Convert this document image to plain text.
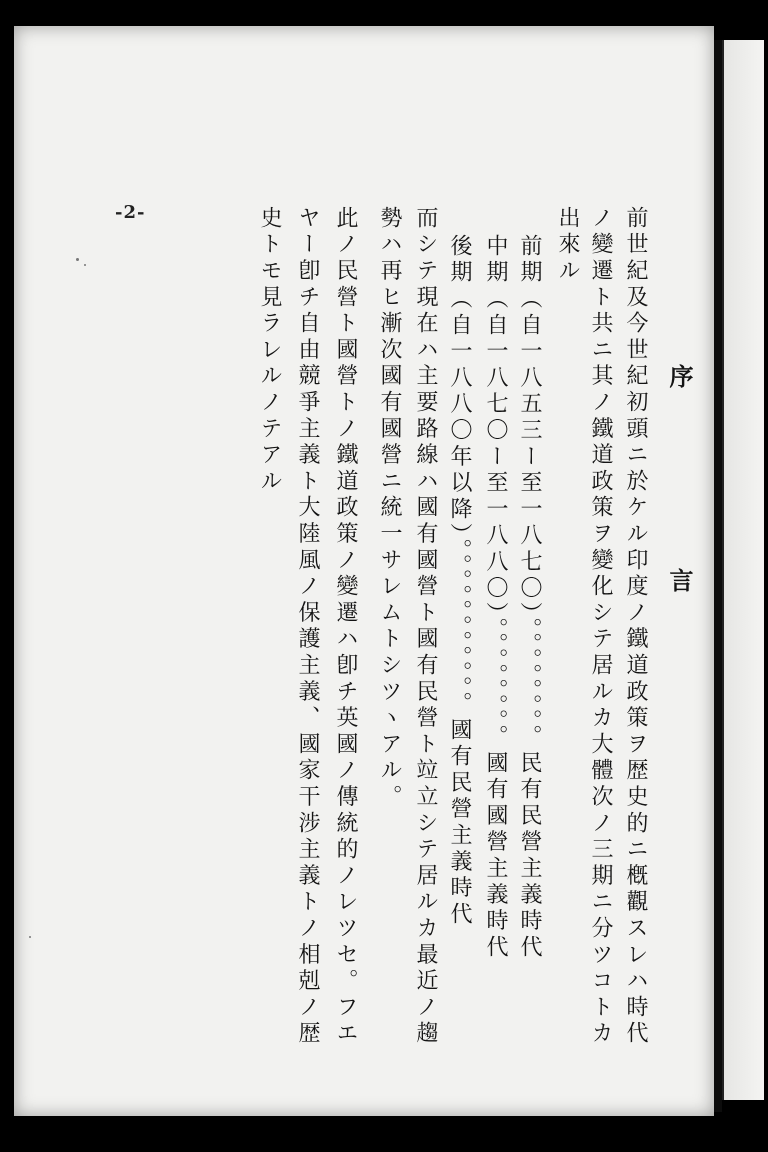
序　言
前世紀及今世紀初頭ニ於ケル印度ノ鐵道政策ヲ歴史的ニ槪觀スレハ時代
ノ變遷ト共ニ其ノ鐵道政策ヲ變化シテ居ルカ大體次ノ三期ニ分ツコトカ
出來ル
前期（自一八五三ー至一八七〇）。。。。。。。。民有民營主義時代
中期（自一八七〇ー至一八八〇）。。。。。。。。國有國營主義時代
後期（自一八八〇年以降）。。。。。。。。。。。國有民營主義時代
而シテ現在ハ主要路線ハ國有國營ト國有民營ト竝立シテ居ルカ最近ノ趨
勢ハ再ヒ漸次國有國營ニ統一サレムトシツヽアル。
此ノ民營ト國營トノ鐵道政策ノ變遷ハ卽チ英國ノ傳統的ノレツセ。フエ
ヤー卽チ自由競爭主義ト大陸風ノ保護主義、國家干涉主義トノ相剋ノ歴
史トモ見ラレルノテアル
-2-
